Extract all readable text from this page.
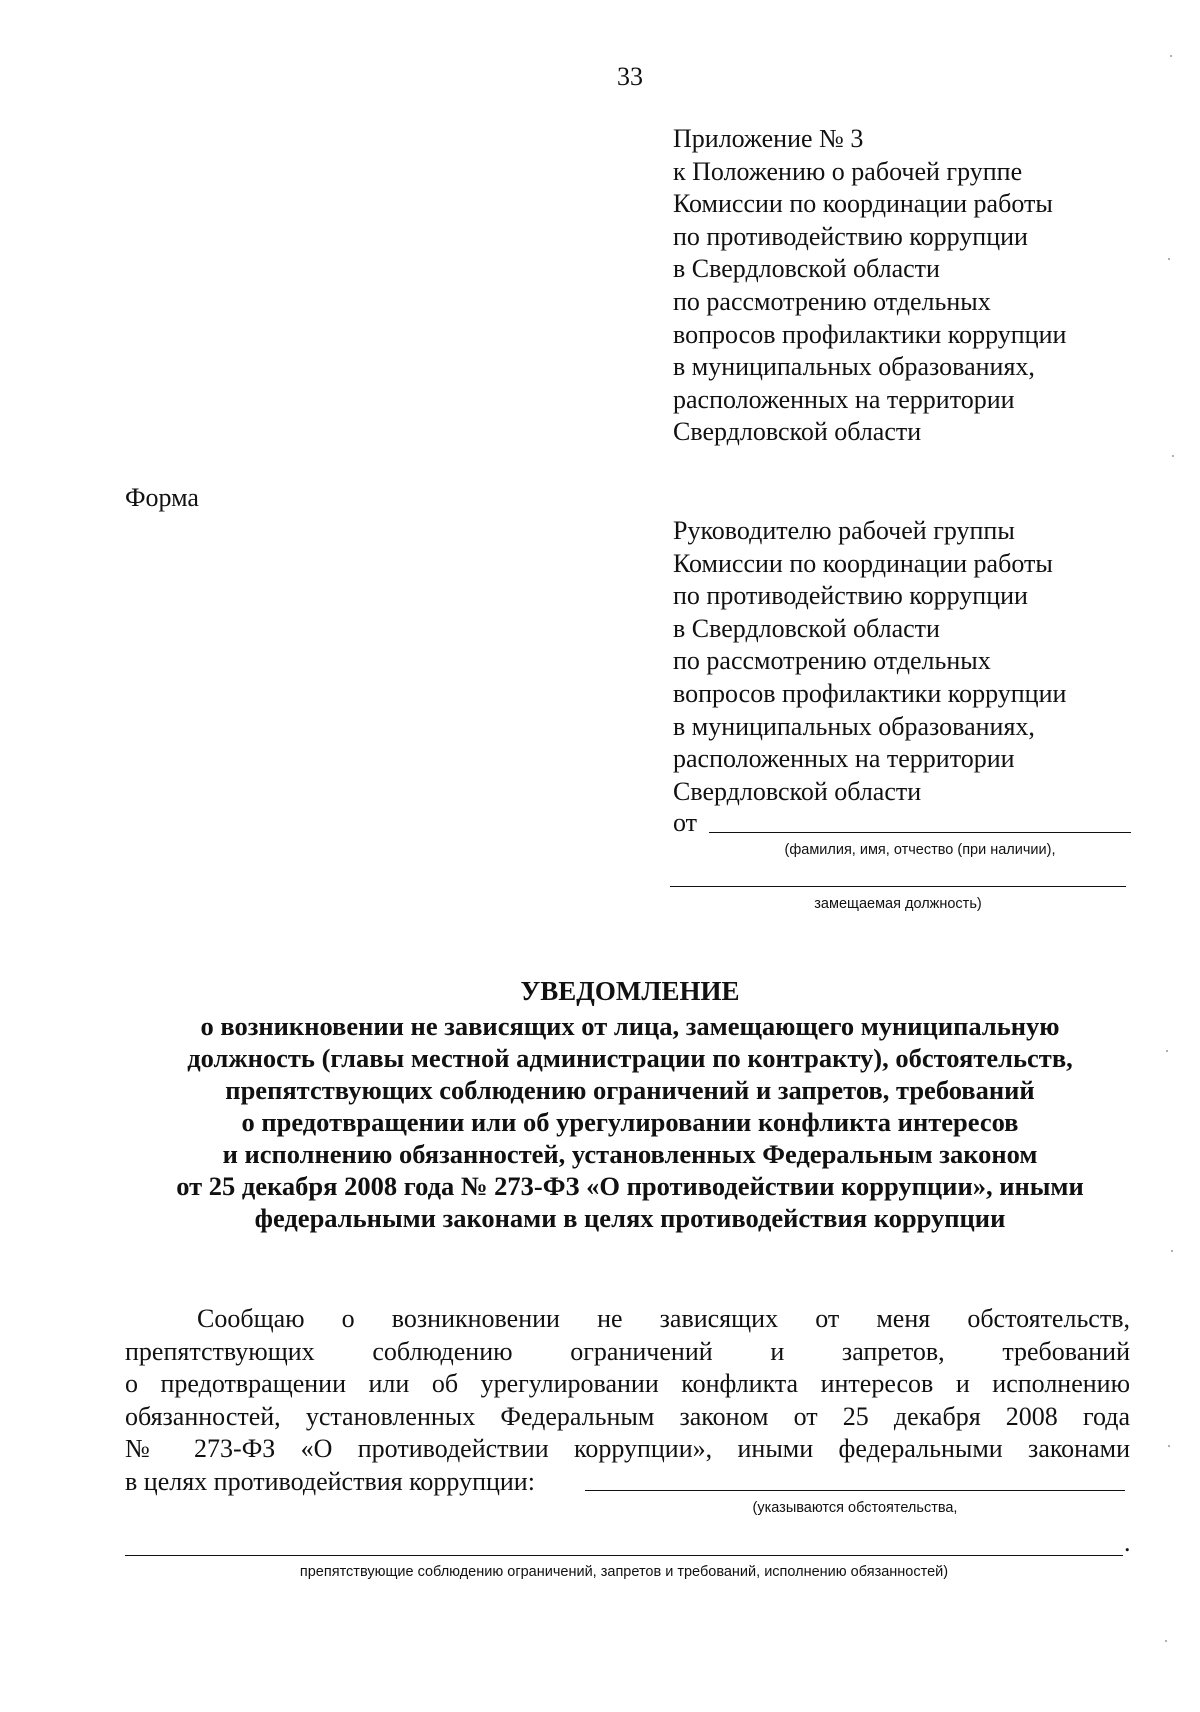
33
Приложение № 3
к Положению о рабочей группе
Комиссии по координации работы
по противодействию коррупции
в Свердловской области
по рассмотрению отдельных
вопросов профилактики коррупции
в муниципальных образованиях,
расположенных на территории
Свердловской области
Форма
Руководителю рабочей группы
Комиссии по координации работы
по противодействию коррупции
в Свердловской области
по рассмотрению отдельных
вопросов профилактики коррупции
в муниципальных образованиях,
расположенных на территории
Свердловской области
от
(фамилия, имя, отчество (при наличии),
замещаемая должность)
УВЕДОМЛЕНИЕ
о возникновении не зависящих от лица, замещающего муниципальную
должность (главы местной администрации по контракту), обстоятельств,
препятствующих соблюдению ограничений и запретов, требований
о предотвращении или об урегулировании конфликта интересов
и исполнению обязанностей, установленных Федеральным законом
от 25 декабря 2008 года № 273-ФЗ «О противодействии коррупции», иными
федеральными законами в целях противодействия коррупции
Сообщаю о возникновении не зависящих от меня обстоятельств,
препятствующих соблюдению ограничений и запретов, требований
о предотвращении или об урегулировании конфликта интересов и исполнению
обязанностей, установленных Федеральным законом от 25 декабря 2008 года
№ 273-ФЗ «О противодействии коррупции», иными федеральными законами
в целях противодействия коррупции:
(указываются обстоятельства,
.
препятствующие соблюдению ограничений, запретов и требований, исполнению обязанностей)
